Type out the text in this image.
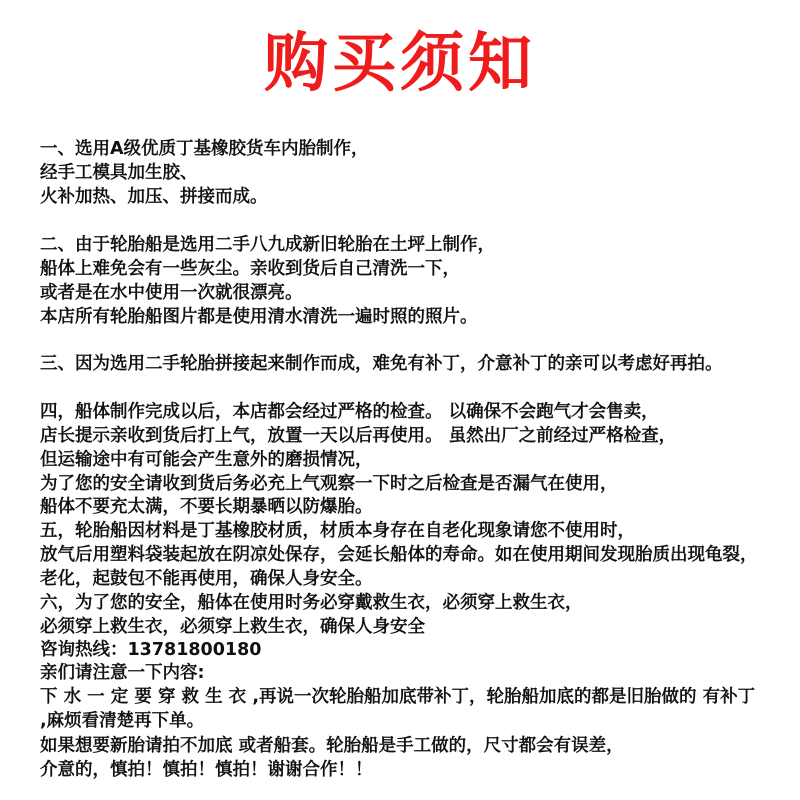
购买须知
一、选用A级优质丁基橡胶货车内胎制作，
经手工模具加生胶、
火补加热、加压、拼接而成。
二、由于轮胎船是选用二手八九成新旧轮胎在土坪上制作，
船体上难免会有一些灰尘。亲收到货后自己清洗一下，
或者是在水中使用一次就很漂亮。
本店所有轮胎船图片都是使用清水清洗一遍时照的照片。
三、因为选用二手轮胎拼接起来制作而成，难免有补丁，介意补丁的亲可以考虑好再拍。
四，船体制作完成以后，本店都会经过严格的检查。 以确保不会跑气才会售卖，
店长提示亲收到货后打上气，放置一天以后再使用。 虽然出厂之前经过严格检查，
但运输途中有可能会产生意外的磨损情况，
为了您的安全请收到货后务必充上气观察一下时之后检查是否漏气在使用，
船体不要充太满，不要长期暴晒以防爆胎。
五，轮胎船因材料是丁基橡胶材质，材质本身存在自老化现象请您不使用时，
放气后用塑料袋装起放在阴凉处保存，会延长船体的寿命。如在使用期间发现胎质出现龟裂，
老化，起鼓包不能再使用，确保人身安全。
六，为了您的安全，船体在使用时务必穿戴救生衣，必须穿上救生衣，
必须穿上救生衣，必须穿上救生衣，确保人身安全
咨询热线：13781800180
亲们请注意一下内容:
下 水 一 定 要 穿 救 生 衣 ,再说一次轮胎船加底带补丁，轮胎船加底的都是旧胎做的 有补丁
,麻烦看清楚再下单。
如果想要新胎请拍不加底 或者船套。轮胎船是手工做的，尺寸都会有误差，
介意的，慎拍！慎拍！慎拍！谢谢合作！！
